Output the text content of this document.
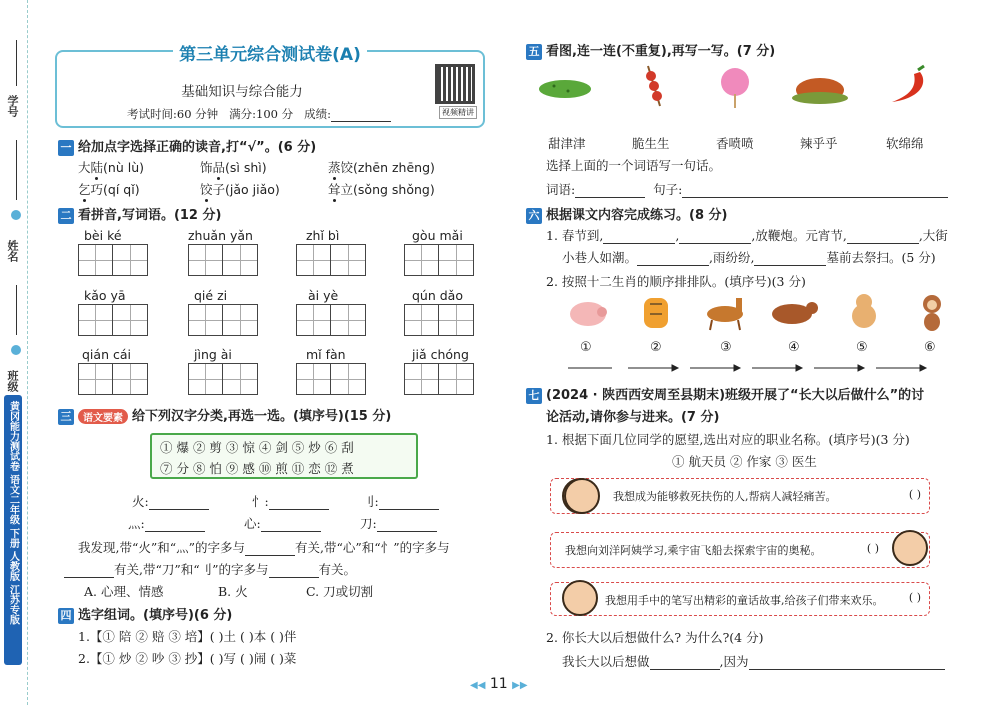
学号
姓名
班级
黄冈能力测试卷 语文二年级 下册 人教版 江苏专版
第三单元综合测试卷(A)
基础知识与综合能力
考试时间:60 分钟 满分:100 分 成绩:	视频精讲
一 给加点字选择正确的读音,打“√”。(6 分)
大陆(nù lù)	饰品(sì shì)	蒸饺(zhēn zhēng)
乞巧(qí qǐ)	饺子(jǎo jiǎo)	耸立(sǒng shǒng)
二 看拼音,写词语。(12 分)
bèi ké	zhuǎn yǎn	zhǐ bì	gòu mǎi
kǎo yā	qié zi	ài yè	qún dǎo
qián cái	jìng ài	mǐ fàn	jiǎ chóng
三 语文要素 给下列汉字分类,再选一选。(填序号)(15 分)
① 爆 ② 剪 ③ 惊 ④ 剑 ⑤ 炒 ⑥ 刮
⑦ 分 ⑧ 怕 ⑨ 感 ⑩ 煎 ⑪ 恋 ⑫ 煮
火:	忄:	刂:
灬:	心:	刀:
我发现,带“火”和“灬”的字多与	有关,带“心”和“忄”的字多与
有关,带“刀”和“刂”的字多与	有关。
A. 心理、情感	B. 火	C. 刀或切割
四 选字组词。(填序号)(6 分)
1.【① 陪 ② 赔 ③ 培】( )土 ( )本 ( )伴
2.【① 炒 ② 吵 ③ 抄】( )写 ( )闹 ( )菜
五 看图,连一连(不重复),再写一写。(7 分)
甜津津	脆生生	香喷喷	辣乎乎	软绵绵
选择上面的一个词语写一句话。
词语:	句子:
六 根据课文内容完成练习。(8 分)
1. 春节到,	,	,放鞭炮。元宵节,	,大街
小巷人如潮。	,雨纷纷,	墓前去祭扫。(5 分)
2. 按照十二生肖的顺序排排队。(填序号)(3 分)
①	②	③	④	⑤	⑥
七 (2024 · 陕西西安周至县期末)班级开展了“长大以后做什么”的讨
论活动,请你参与进来。(7 分)
1. 根据下面几位同学的愿望,选出对应的职业名称。(填序号)(3 分)
① 航天员 ② 作家 ③ 医生
我想成为能够救死扶伤的人,帮病人减轻痛苦。	( )
我想向刘洋阿姨学习,乘宇宙飞船去探索宇宙的奥秘。	( )
我想用手中的笔写出精彩的童话故事,给孩子们带来欢乐。 ( )
2. 你长大以后想做什么? 为什么?(4 分)
我长大以后想做	,因为
◀◀ 11 ▶▶
